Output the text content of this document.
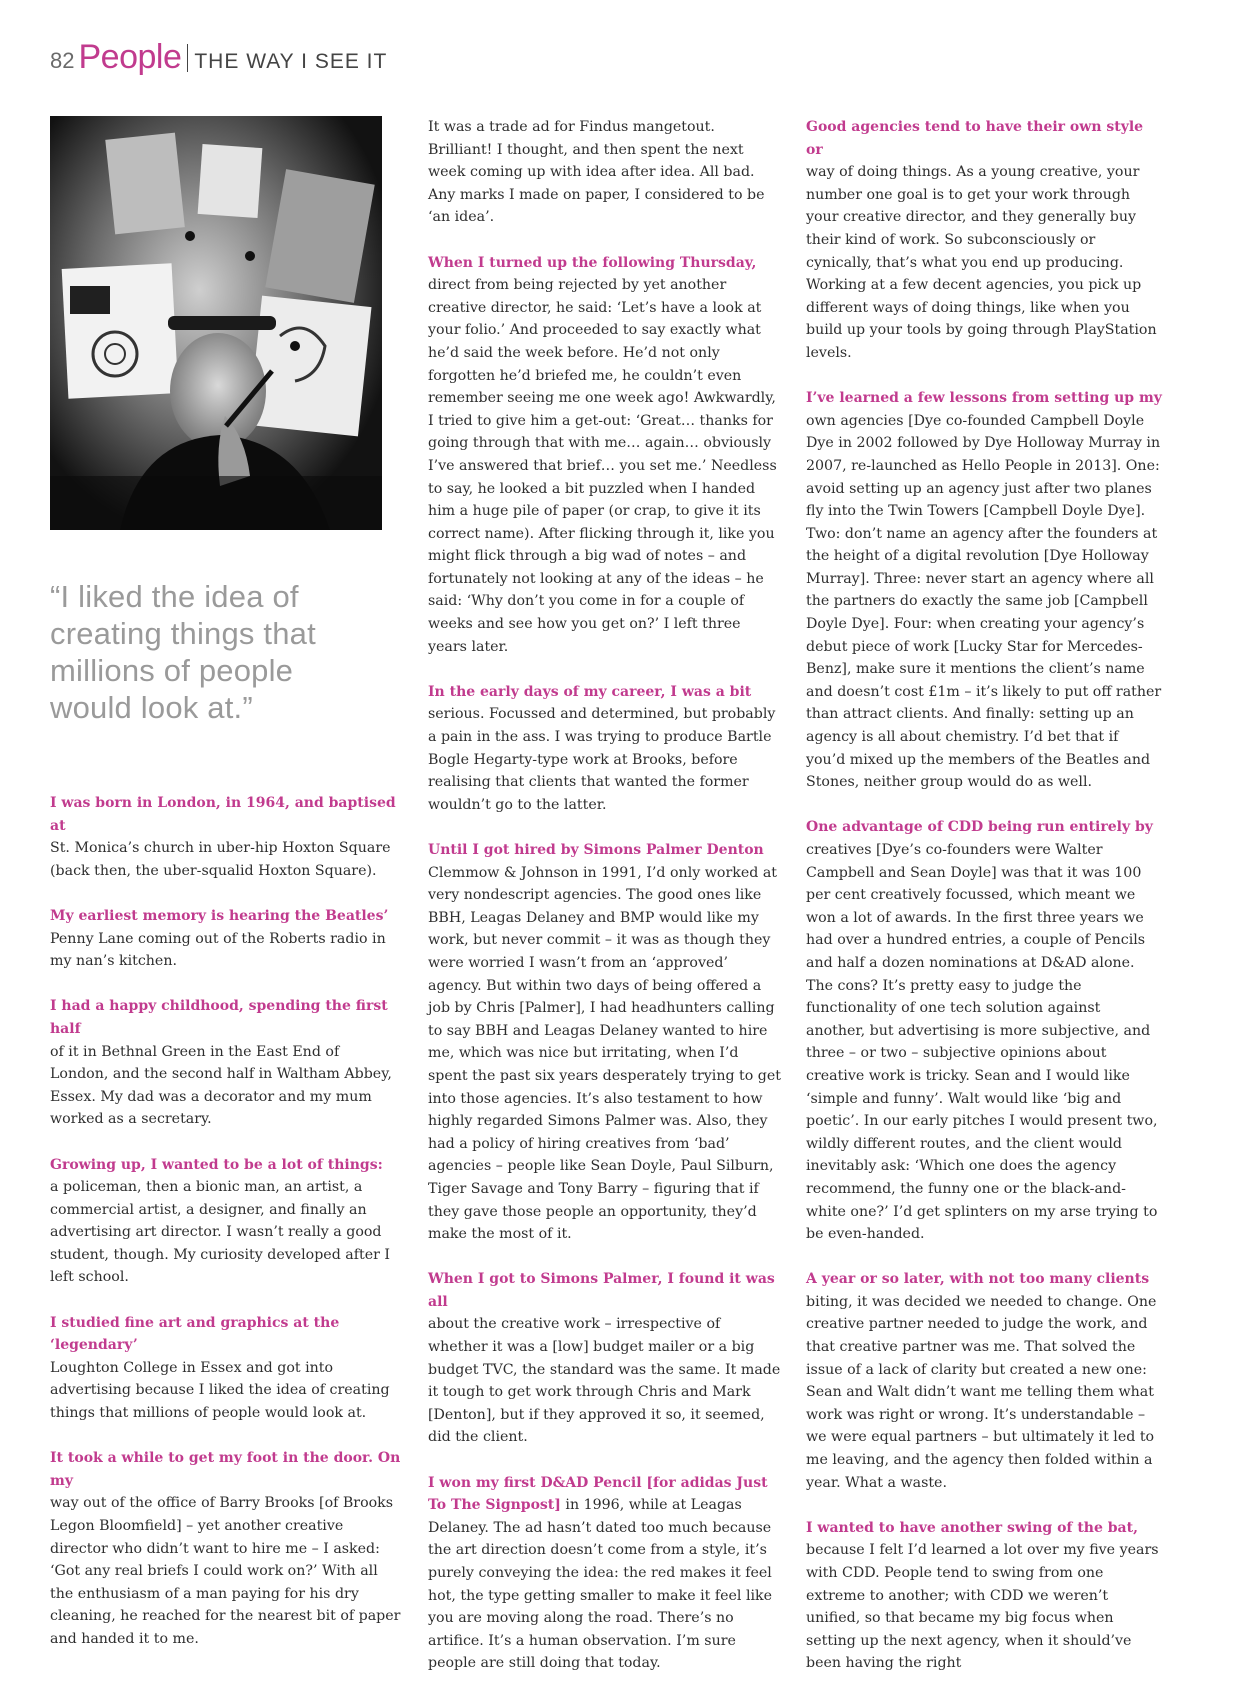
82 People THE WAY I SEE IT
“I liked the idea of creating things that millions of people would look at.”

I was born in London, in 1964, and baptised at
St. Monica’s church in uber-hip Hoxton Square (back then, the uber-squalid Hoxton Square).

My earliest memory is hearing the Beatles’
Penny Lane coming out of the Roberts radio in my nan’s kitchen.

I had a happy childhood, spending the first half
of it in Bethnal Green in the East End of London, and the second half in Waltham Abbey, Essex. My dad was a decorator and my mum worked as a secretary.

Growing up, I wanted to be a lot of things:
a policeman, then a bionic man, an artist, a commercial artist, a designer, and finally an advertising art director. I wasn’t really a good student, though. My curiosity developed after I left school.

I studied fine art and graphics at the ‘legendary’
Loughton College in Essex and got into advertising because I liked the idea of creating things that millions of people would look at.

It took a while to get my foot in the door. On my
way out of the office of Barry Brooks [of Brooks Legon Bloomfield] – yet another creative director who didn’t want to hire me – I asked: ‘Got any real briefs I could work on?’ With all the enthusiasm of a man paying for his dry cleaning, he reached for the nearest bit of paper and handed it to me.

It was a trade ad for Findus mangetout. Brilliant! I thought, and then spent the next week coming up with idea after idea. All bad. Any marks I made on paper, I considered to be ‘an idea’.

When I turned up the following Thursday,
direct from being rejected by yet another creative director, he said: ‘Let’s have a look at your folio.’ And proceeded to say exactly what he’d said the week before. He’d not only forgotten he’d briefed me, he couldn’t even remember seeing me one week ago! Awkwardly, I tried to give him a get-out: ‘Great… thanks for going through that with me… again… obviously I’ve answered that brief… you set me.’ Needless to say, he looked a bit puzzled when I handed him a huge pile of paper (or crap, to give it its correct name). After flicking through it, like you might flick through a big wad of notes – and fortunately not looking at any of the ideas – he said: ‘Why don’t you come in for a couple of weeks and see how you get on?’ I left three years later.

In the early days of my career, I was a bit
serious. Focussed and determined, but probably a pain in the ass. I was trying to produce Bartle Bogle Hegarty-type work at Brooks, before realising that clients that wanted the former wouldn’t go to the latter.

Until I got hired by Simons Palmer Denton
Clemmow & Johnson in 1991, I’d only worked at very nondescript agencies. The good ones like BBH, Leagas Delaney and BMP would like my work, but never commit – it was as though they were worried I wasn’t from an ‘approved’ agency. But within two days of being offered a job by Chris [Palmer], I had headhunters calling to say BBH and Leagas Delaney wanted to hire me, which was nice but irritating, when I’d spent the past six years desperately trying to get into those agencies. It’s also testament to how highly regarded Simons Palmer was. Also, they had a policy of hiring creatives from ‘bad’ agencies – people like Sean Doyle, Paul Silburn, Tiger Savage and Tony Barry – figuring that if they gave those people an opportunity, they’d make the most of it.

When I got to Simons Palmer, I found it was all
about the creative work – irrespective of whether it was a [low] budget mailer or a big budget TVC, the standard was the same. It made it tough to get work through Chris and Mark [Denton], but if they approved it so, it seemed, did the client.

I won my first D&AD Pencil [for adidas Just To The Signpost] in 1996, while at Leagas Delaney. The ad hasn’t dated too much because the art direction doesn’t come from a style, it’s purely conveying the idea: the red makes it feel hot, the type getting smaller to make it feel like you are moving along the road. There’s no artifice. It’s a human observation. I’m sure people are still doing that today.

Good agencies tend to have their own style or
way of doing things. As a young creative, your number one goal is to get your work through your creative director, and they generally buy their kind of work. So subconsciously or cynically, that’s what you end up producing. Working at a few decent agencies, you pick up different ways of doing things, like when you build up your tools by going through PlayStation levels.

I’ve learned a few lessons from setting up my
own agencies [Dye co-founded Campbell Doyle Dye in 2002 followed by Dye Holloway Murray in 2007, re-launched as Hello People in 2013]. One: avoid setting up an agency just after two planes fly into the Twin Towers [Campbell Doyle Dye]. Two: don’t name an agency after the founders at the height of a digital revolution [Dye Holloway Murray]. Three: never start an agency where all the partners do exactly the same job [Campbell Doyle Dye]. Four: when creating your agency’s debut piece of work [Lucky Star for Mercedes-Benz], make sure it mentions the client’s name and doesn’t cost £1m – it’s likely to put off rather than attract clients. And finally: setting up an agency is all about chemistry. I’d bet that if you’d mixed up the members of the Beatles and Stones, neither group would do as well.

One advantage of CDD being run entirely by
creatives [Dye’s co-founders were Walter Campbell and Sean Doyle] was that it was 100 per cent creatively focussed, which meant we won a lot of awards. In the first three years we had over a hundred entries, a couple of Pencils and half a dozen nominations at D&AD alone. The cons? It’s pretty easy to judge the functionality of one tech solution against another, but advertising is more subjective, and three – or two – subjective opinions about creative work is tricky. Sean and I would like ‘simple and funny’. Walt would like ‘big and poetic’. In our early pitches I would present two, wildly different routes, and the client would inevitably ask: ‘Which one does the agency recommend, the funny one or the black-and-white one?’ I’d get splinters on my arse trying to be even-handed.

A year or so later, with not too many clients
biting, it was decided we needed to change. One creative partner needed to judge the work, and that creative partner was me. That solved the issue of a lack of clarity but created a new one: Sean and Walt didn’t want me telling them what work was right or wrong. It’s understandable – we were equal partners – but ultimately it led to me leaving, and the agency then folded within a year. What a waste.

I wanted to have another swing of the bat,
because I felt I’d learned a lot over my five years with CDD. People tend to swing from one extreme to another; with CDD we weren’t unified, so that became my big focus when setting up the next agency, when it should’ve been having the right
